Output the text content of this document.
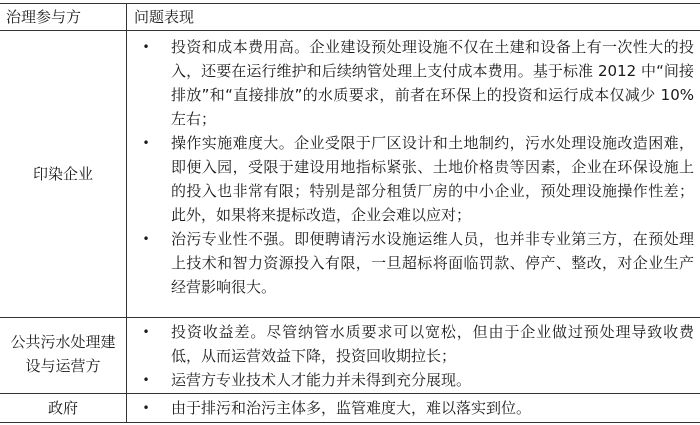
治理参与方	问题表现
印染企业
• 投资和成本费用高。企业建设预处理设施不仅在土建和设备上有一次性大的投入，还要在运行维护和后续纳管处理上支付成本费用。基于标准 2012 中“间接排放”和“直接排放”的水质要求，前者在环保上的投资和运行成本仅减少 10%左右；
• 操作实施难度大。企业受限于厂区设计和土地制约，污水处理设施改造困难，即便入园，受限于建设用地指标紧张、土地价格贵等因素，企业在环保设施上的投入也非常有限；特别是部分租赁厂房的中小企业，预处理设施操作性差；此外，如果将来提标改造，企业会难以应对；
• 治污专业性不强。即便聘请污水设施运维人员，也并非专业第三方，在预处理上技术和智力资源投入有限，一旦超标将面临罚款、停产、整改，对企业生产经营影响很大。
公共污水处理建设与运营方
• 投资收益差。尽管纳管水质要求可以宽松，但由于企业做过预处理导致收费低，从而运营效益下降，投资回收期拉长；
• 运营方专业技术人才能力并未得到充分展现。
政府	• 由于排污和治污主体多，监管难度大，难以落实到位。
